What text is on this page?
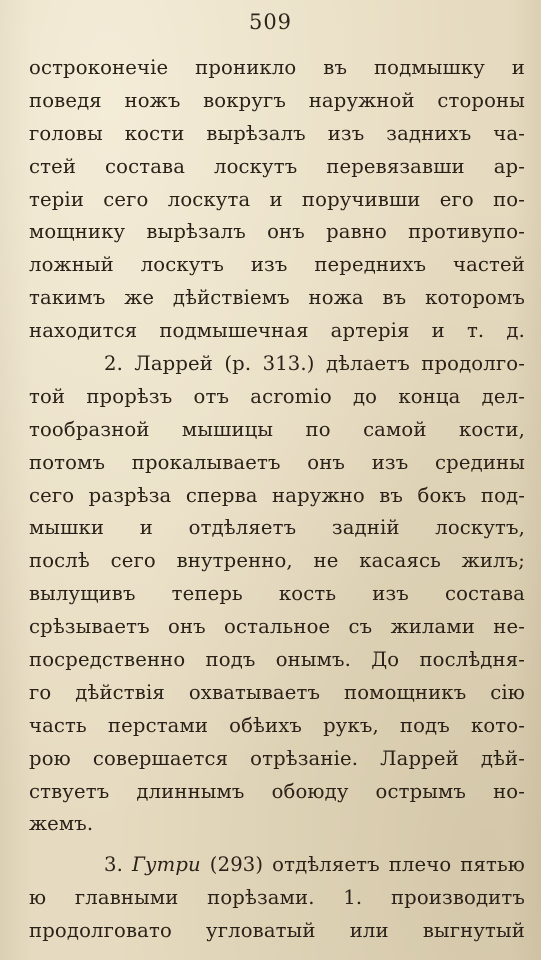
509
остроконечіе проникло въ подмышку и
поведя ножъ вокругъ наружной стороны
головы кости вырѣзалъ изъ заднихъ ча-
стей состава лоскутъ перевязавши ар-
теріи сего лоскута и поручивши его по-
мощнику вырѣзалъ онъ равно противупо-
ложный лоскутъ изъ переднихъ частей
такимъ же дѣйствіемъ ножа въ которомъ
находится подмышечная артерія и т. д.
2. Ларрей (р. 313.) дѣлаетъ продолго-
той прорѣзъ отъ acromio до конца дел-
тообразной мышицы по самой кости,
потомъ прокалываетъ онъ изъ средины
сего разрѣза сперва наружно въ бокъ под-
мышки и отдѣляетъ задній лоскутъ,
послѣ сего внутренно, не касаясь жилъ;
вылущивъ теперь кость изъ состава
срѣзываетъ онъ остальное съ жилами не-
посредственно подъ онымъ. До послѣдня-
го дѣйствія охватываетъ помощникъ сію
часть перстами обѣихъ рукъ, подъ кото-
рою совершается отрѣзаніе. Ларрей дѣй-
ствуетъ длиннымъ обоюду острымъ но-
жемъ.
3. Гутри (293) отдѣляетъ плечо пятью
ю главными порѣзами. 1. производитъ
продолговато угловатый или выгнутый
